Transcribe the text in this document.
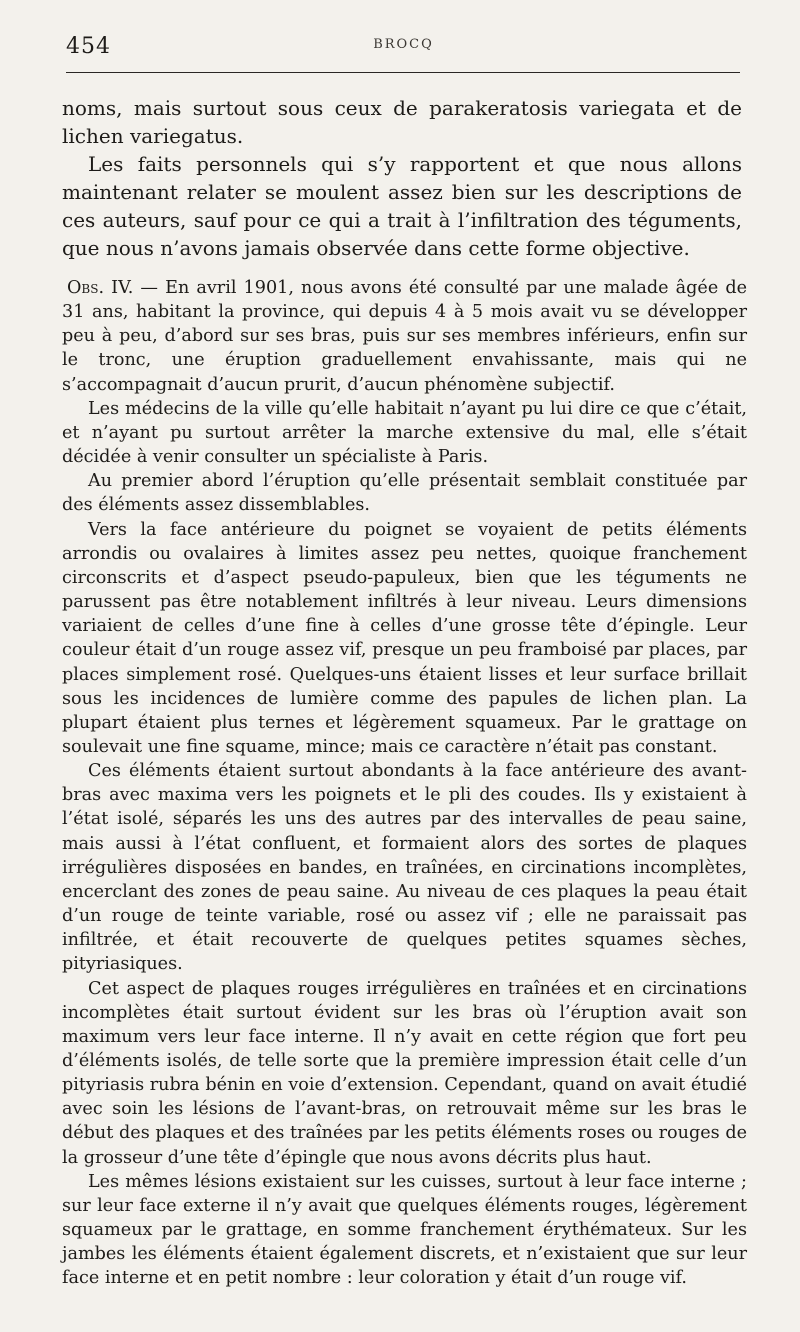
454	BROCQ

noms, mais surtout sous ceux de parakeratosis variegata et de lichen variegatus.

Les faits personnels qui s’y rapportent et que nous allons maintenant relater se moulent assez bien sur les descriptions de ces auteurs, sauf pour ce qui a trait à l’infiltration des téguments, que nous n’avons jamais observée dans cette forme objective.

Obs. IV. — En avril 1901, nous avons été consulté par une malade âgée de 31 ans, habitant la province, qui depuis 4 à 5 mois avait vu se développer peu à peu, d’abord sur ses bras, puis sur ses membres inférieurs, enfin sur le tronc, une éruption graduellement envahissante, mais qui ne s’accompagnait d’aucun prurit, d’aucun phénomène subjectif.

Les médecins de la ville qu’elle habitait n’ayant pu lui dire ce que c’était, et n’ayant pu surtout arrêter la marche extensive du mal, elle s’était décidée à venir consulter un spécialiste à Paris.

Au premier abord l’éruption qu’elle présentait semblait constituée par des éléments assez dissemblables.

Vers la face antérieure du poignet se voyaient de petits éléments arrondis ou ovalaires à limites assez peu nettes, quoique franchement circonscrits et d’aspect pseudo-papuleux, bien que les téguments ne parussent pas être notablement infiltrés à leur niveau. Leurs dimensions variaient de celles d’une fine à celles d’une grosse tête d’épingle. Leur couleur était d’un rouge assez vif, presque un peu framboisé par places, par places simplement rosé. Quelques-uns étaient lisses et leur surface brillait sous les incidences de lumière comme des papules de lichen plan. La plupart étaient plus ternes et légèrement squameux. Par le grattage on soulevait une fine squame, mince; mais ce caractère n’était pas constant.

Ces éléments étaient surtout abondants à la face antérieure des avant-bras avec maxima vers les poignets et le pli des coudes. Ils y existaient à l’état isolé, séparés les uns des autres par des intervalles de peau saine, mais aussi à l’état confluent, et formaient alors des sortes de plaques irrégulières disposées en bandes, en traînées, en circinations incomplètes, encerclant des zones de peau saine. Au niveau de ces plaques la peau était d’un rouge de teinte variable, rosé ou assez vif ; elle ne paraissait pas infiltrée, et était recouverte de quelques petites squames sèches, pityriasiques.

Cet aspect de plaques rouges irrégulières en traînées et en circinations incomplètes était surtout évident sur les bras où l’éruption avait son maximum vers leur face interne. Il n’y avait en cette région que fort peu d’éléments isolés, de telle sorte que la première impression était celle d’un pityriasis rubra bénin en voie d’extension. Cependant, quand on avait étudié avec soin les lésions de l’avant-bras, on retrouvait même sur les bras le début des plaques et des traînées par les petits éléments roses ou rouges de la grosseur d’une tête d’épingle que nous avons décrits plus haut.

Les mêmes lésions existaient sur les cuisses, surtout à leur face interne ; sur leur face externe il n’y avait que quelques éléments rouges, légèrement squameux par le grattage, en somme franchement érythémateux. Sur les jambes les éléments étaient également discrets, et n’existaient que sur leur face interne et en petit nombre : leur coloration y était d’un rouge vif.
